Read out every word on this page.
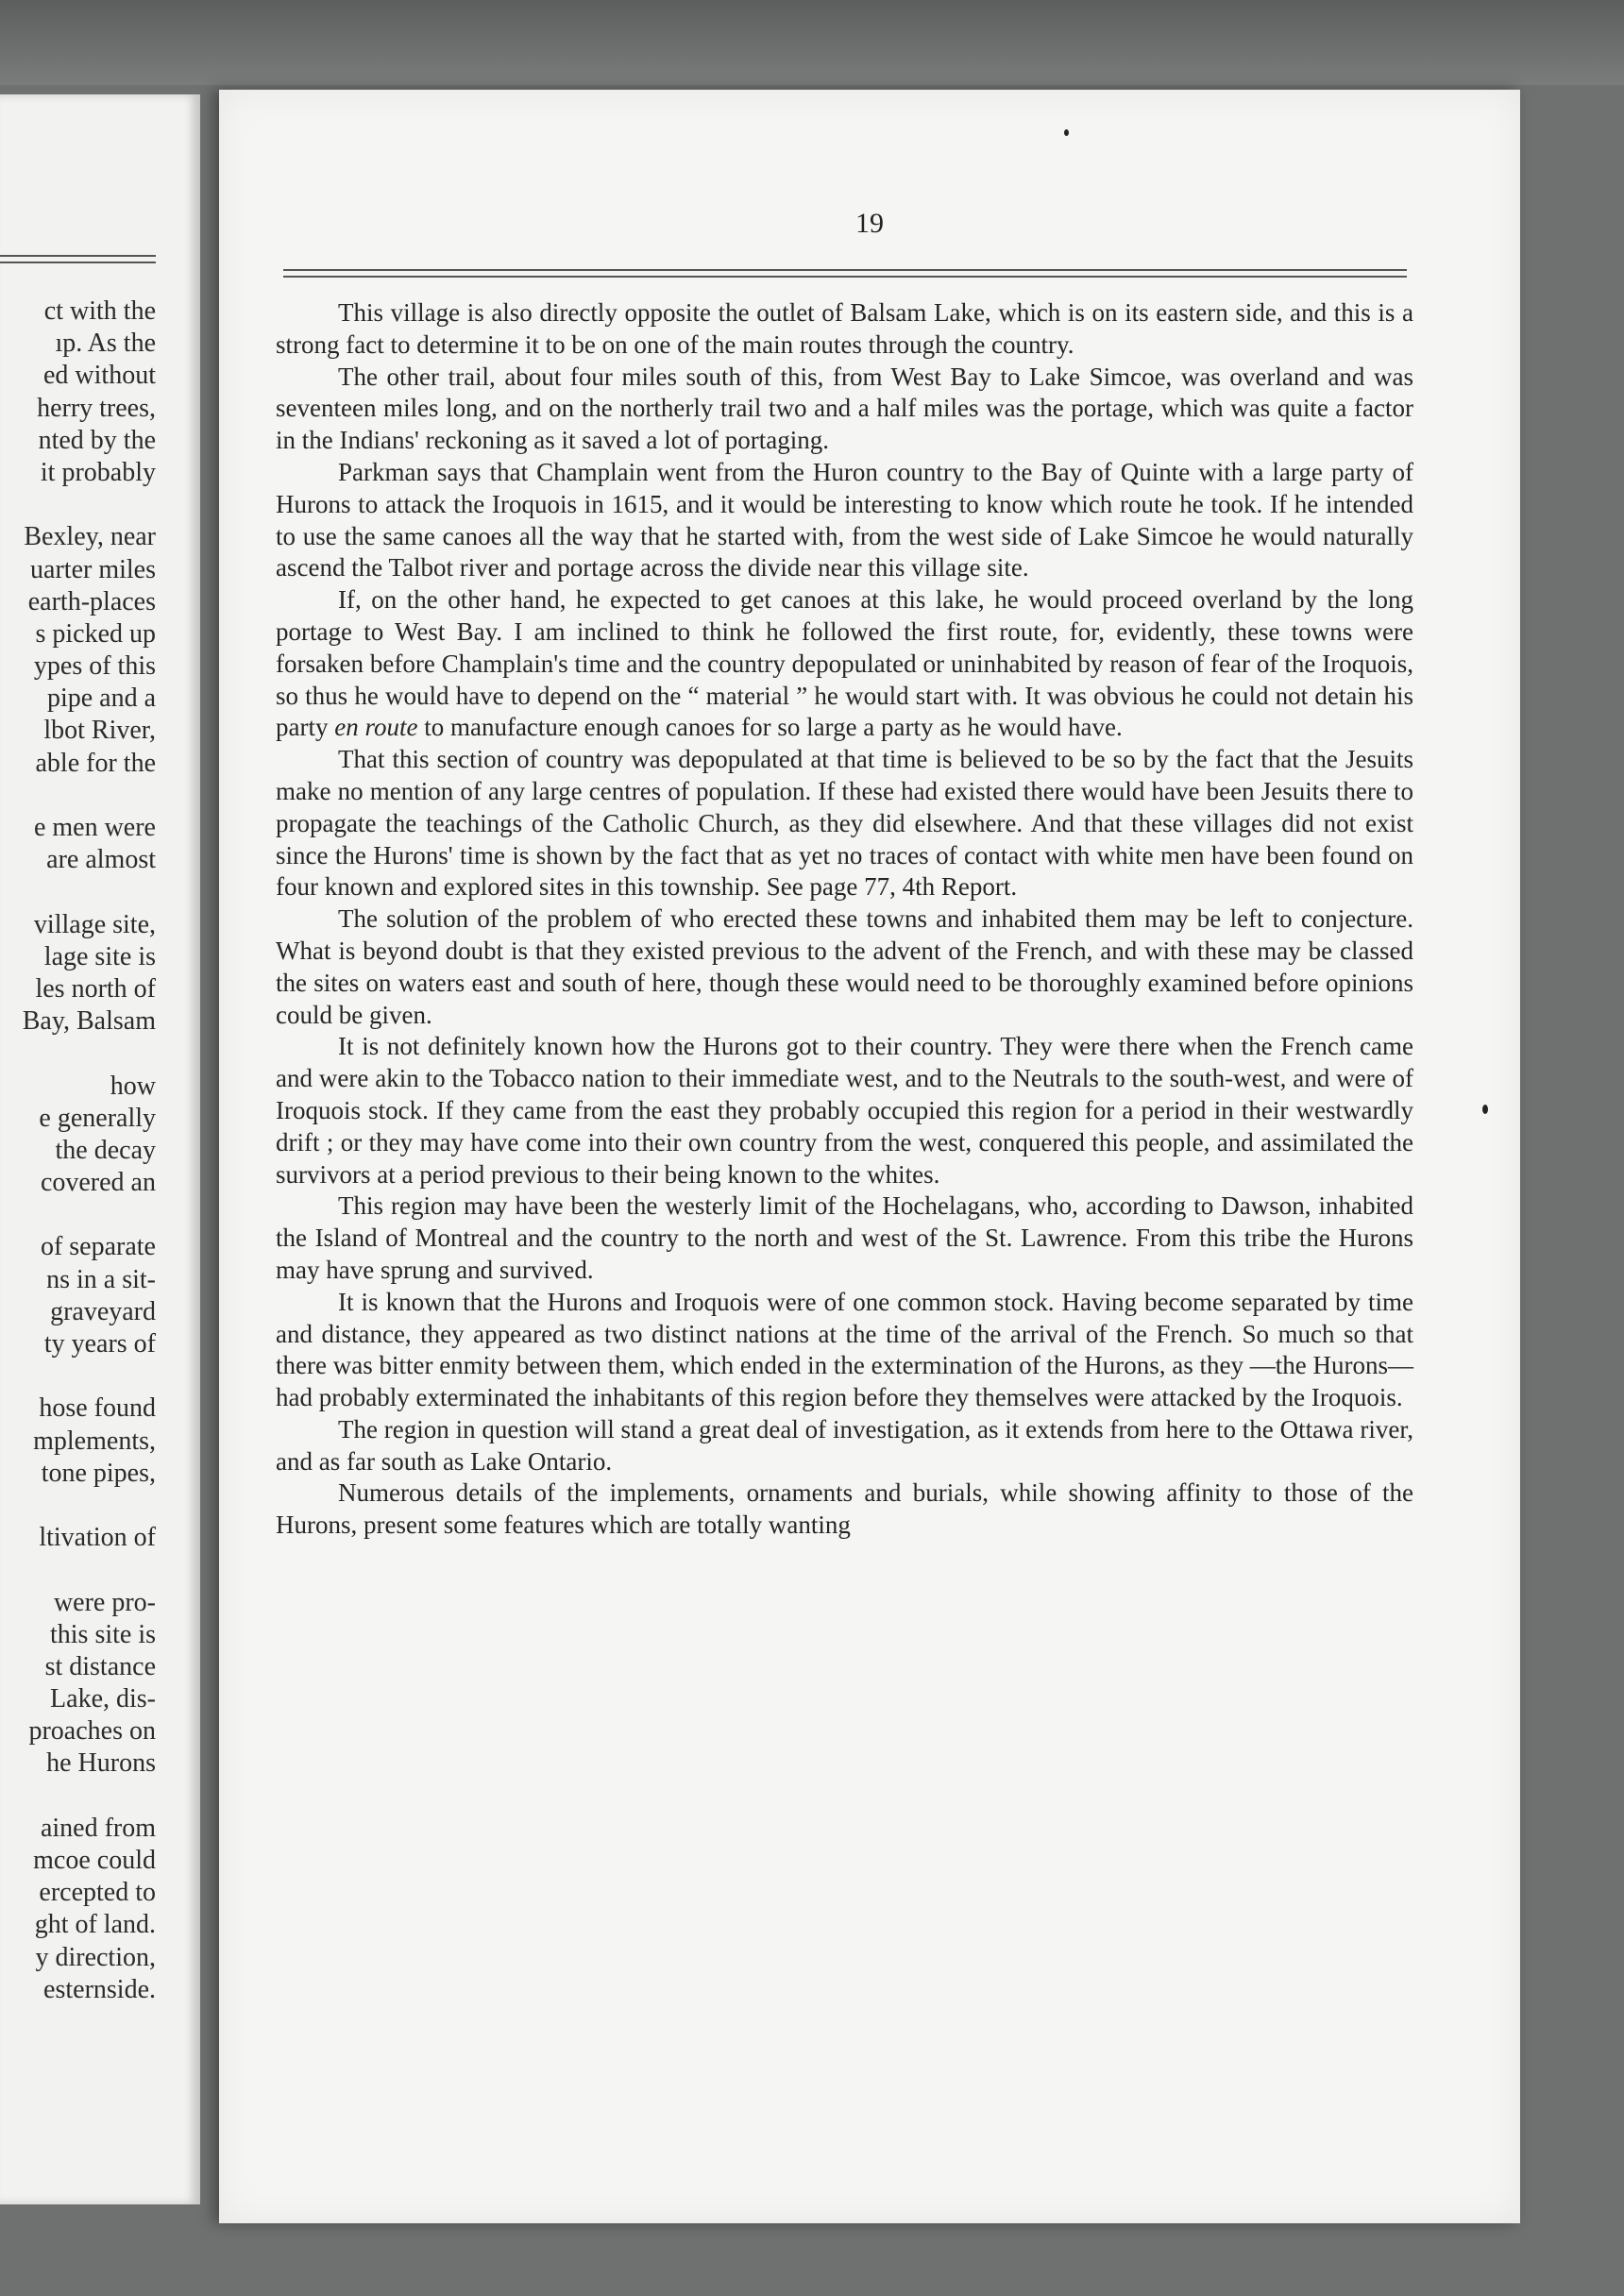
ct with the
ıp. As the
ed without
herry trees,
nted by the
it probably

Bexley, near
uarter miles
earth-places
s picked up
ypes of this
pipe and a
lbot River,
able for the

e men were
are almost

village site,
lage site is
les north of
Bay, Balsam

how
e generally
the decay
covered an

of separate
ns in a sit-
graveyard
ty years of

hose found
mplements,
tone pipes,

ltivation of

were pro-
this site is
st distance
Lake, dis-
proaches on
he Hurons

ained from
mcoe could
ercepted to
ght of land.
y direction,
esternside.
19

This village is also directly opposite the outlet of Balsam Lake, which is on its eastern side, and this is a strong fact to determine it to be on one of the main routes through the country.

The other trail, about four miles south of this, from West Bay to Lake Simcoe, was overland and was seventeen miles long, and on the northerly trail two and a half miles was the portage, which was quite a factor in the Indians' reckoning as it saved a lot of portaging.

Parkman says that Champlain went from the Huron country to the Bay of Quinte with a large party of Hurons to attack the Iroquois in 1615, and it would be interesting to know which route he took. If he intended to use the same canoes all the way that he started with, from the west side of Lake Simcoe he would naturally ascend the Talbot river and portage across the divide near this village site.

If, on the other hand, he expected to get canoes at this lake, he would proceed overland by the long portage to West Bay. I am inclined to think he followed the first route, for, evidently, these towns were forsaken before Champlain's time and the country depopulated or uninhabited by reason of fear of the Iroquois, so thus he would have to depend on the “ material ” he would start with. It was obvious he could not detain his party en route to manufacture enough canoes for so large a party as he would have.

That this section of country was depopulated at that time is believed to be so by the fact that the Jesuits make no mention of any large centres of population. If these had existed there would have been Jesuits there to propagate the teachings of the Catholic Church, as they did elsewhere. And that these villages did not exist since the Hurons' time is shown by the fact that as yet no traces of contact with white men have been found on four known and explored sites in this township. See page 77, 4th Report.

The solution of the problem of who erected these towns and inhabited them may be left to conjecture. What is beyond doubt is that they existed previous to the advent of the French, and with these may be classed the sites on waters east and south of here, though these would need to be thoroughly examined before opinions could be given.

It is not definitely known how the Hurons got to their country. They were there when the French came and were akin to the Tobacco nation to their immediate west, and to the Neutrals to the south-west, and were of Iroquois stock. If they came from the east they probably occupied this region for a period in their westwardly drift ; or they may have come into their own country from the west, conquered this people, and assimilated the survivors at a period previous to their being known to the whites.

This region may have been the westerly limit of the Hochelagans, who, according to Dawson, inhabited the Island of Montreal and the country to the north and west of the St. Lawrence. From this tribe the Hurons may have sprung and survived.

It is known that the Hurons and Iroquois were of one common stock. Having become separated by time and distance, they appeared as two distinct nations at the time of the arrival of the French. So much so that there was bitter enmity between them, which ended in the extermination of the Hurons, as they —the Hurons—had probably exterminated the inhabitants of this region before they themselves were attacked by the Iroquois.

The region in question will stand a great deal of investigation, as it extends from here to the Ottawa river, and as far south as Lake Ontario.

Numerous details of the implements, ornaments and burials, while showing affinity to those of the Hurons, present some features which are totally wanting
